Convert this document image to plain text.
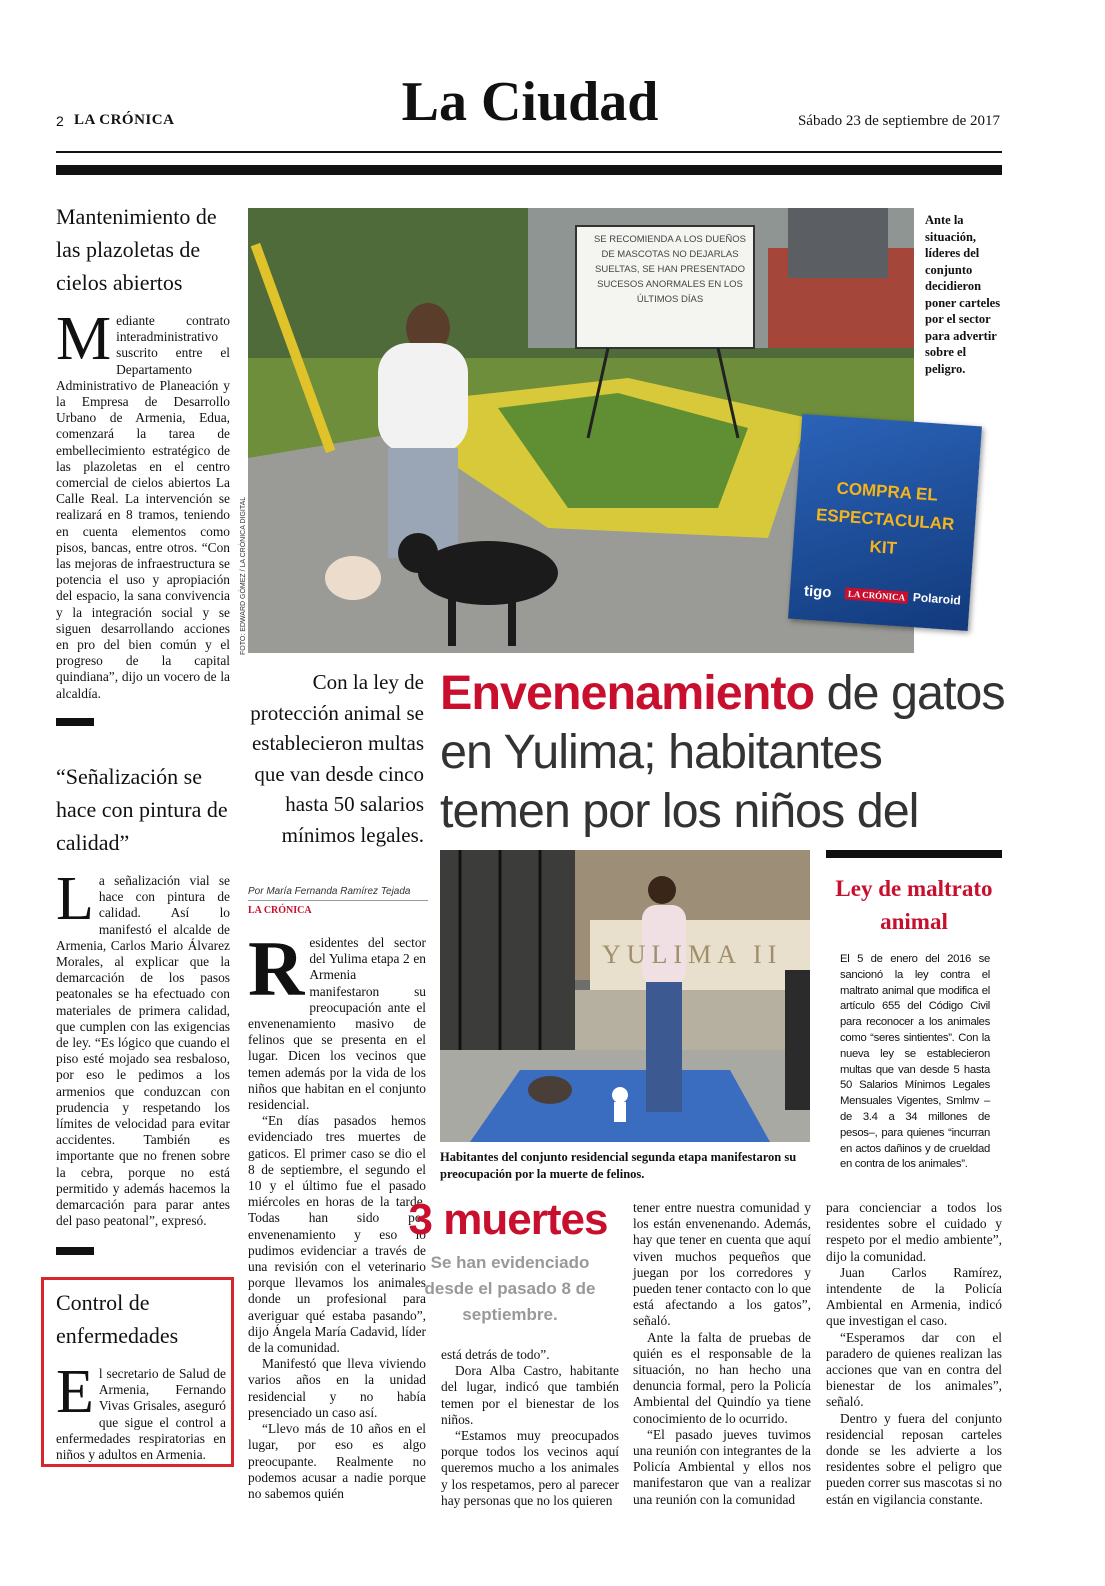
2 LA CRÓNICA	La Ciudad	Sábado 23 de septiembre de 2017
Mantenimiento de las plazoletas de cielos abiertos
Mediante contrato interadministrativo suscrito entre el Departamento Administrativo de Planeación y la Empresa de Desarrollo Urbano de Armenia, Edua, comenzará la tarea de embellecimiento estratégico de las plazoletas en el centro comercial de cielos abiertos La Calle Real. La intervención se realizará en 8 tramos, teniendo en cuenta elementos como pisos, bancas, entre otros. “Con las mejoras de infraestructura se potencia el uso y apropiación del espacio, la sana convivencia y la integración social y se siguen desarrollando acciones en pro del bien común y el progreso de la capital quindiana”, dijo un vocero de la alcaldía.
“Señalización se hace con pintura de calidad”
La señalización vial se hace con pintura de calidad. Así lo manifestó el alcalde de Armenia, Carlos Mario Álvarez Morales, al explicar que la demarcación de los pasos peatonales se ha efectuado con materiales de primera calidad, que cumplen con las exigencias de ley. “Es lógico que cuando el piso esté mojado sea resbaloso, por eso le pedimos a los armenios que conduzcan con prudencia y respetando los límites de velocidad para evitar accidentes. También es importante que no frenen sobre la cebra, porque no está permitido y además hacemos la demarcación para parar antes del paso peatonal”, expresó.
Control de enfermedades
El secretario de Salud de Armenia, Fernando Vivas Grisales, aseguró que sigue el control a enfermedades respiratorias en niños y adultos en Armenia.
SE RECOMIENDA A LOS DUEÑOS DE MASCOTAS NO DEJARLAS SUELTAS, SE HAN PRESENTADO SUCESOS ANORMALES EN LOS ÚLTIMOS DÍAS
FOTO: EDWARD GÓMEZ / LA CRÓNICA DIGITAL
Ante la situación, líderes del conjunto decidieron poner carteles por el sector para advertir sobre el peligro.
COMPRA EL ESPECTACULAR KIT
tigo	LA CRÓNICA Polaroid
Con la ley de protección animal se establecieron multas que van desde cinco hasta 50 salarios mínimos legales.
Por María Fernanda Ramírez Tejada
LA CRÓNICA
Envenenamiento de gatos en Yulima; habitantes temen por los niños del
YULIMA II
Habitantes del conjunto residencial segunda etapa manifestaron su preocupación por la muerte de felinos.
Ley de maltrato animal
El 5 de enero del 2016 se sancionó la ley contra el maltrato animal que modifica el artículo 655 del Código Civil para reconocer a los animales como “seres sintientes”. Con la nueva ley se establecieron multas que van desde 5 hasta 50 Salarios Mínimos Legales Mensuales Vigentes, Smlmv –de 3.4 a 34 millones de pesos–, para quienes “incurran en actos dañinos y de crueldad en contra de los animales”.

Residentes del sector del Yulima etapa 2 en Armenia manifestaron su preocupación ante el envenenamiento masivo de felinos que se presenta en el lugar. Dicen los vecinos que temen además por la vida de los niños que habitan en el conjunto residencial.

“En días pasados hemos evidenciado tres muertes de gaticos. El primer caso se dio el 8 de septiembre, el segundo el 10 y el último fue el pasado miércoles en horas de la tarde. Todas han sido por envenenamiento y eso lo pudimos evidenciar a través de una revisión con el veterinario porque llevamos los animales donde un profesional para averiguar qué estaba pasando”, dijo Ángela María Cadavid, líder de la comunidad.

Manifestó que lleva viviendo varios años en la unidad residencial y no había presenciado un caso así.

“Llevo más de 10 años en el lugar, por eso es algo preocupante. Realmente no podemos acusar a nadie porque no sabemos quién

3 muertes
Se han evidenciado desde el pasado 8 de septiembre.

está detrás de todo”.

Dora Alba Castro, habitante del lugar, indicó que también temen por el bienestar de los niños.

“Estamos muy preocupados porque todos los vecinos aquí queremos mucho a los animales y los respetamos, pero al parecer hay personas que no los quieren

tener entre nuestra comunidad y los están envenenando. Además, hay que tener en cuenta que aquí viven muchos pequeños que juegan por los corredores y pueden tener contacto con lo que está afectando a los gatos”, señaló.

Ante la falta de pruebas de quién es el responsable de la situación, no han hecho una denuncia formal, pero la Policía Ambiental del Quindío ya tiene conocimiento de lo ocurrido.

“El pasado jueves tuvimos una reunión con integrantes de la Policía Ambiental y ellos nos manifestaron que van a realizar una reunión con la comunidad

para concienciar a todos los residentes sobre el cuidado y respeto por el medio ambiente”, dijo la comunidad.

Juan Carlos Ramírez, intendente de la Policía Ambiental en Armenia, indicó que investigan el caso.

“Esperamos dar con el paradero de quienes realizan las acciones que van en contra del bienestar de los animales”, señaló.

Dentro y fuera del conjunto residencial reposan carteles donde se les advierte a los residentes sobre el peligro que pueden correr sus mascotas si no están en vigilancia constante.
